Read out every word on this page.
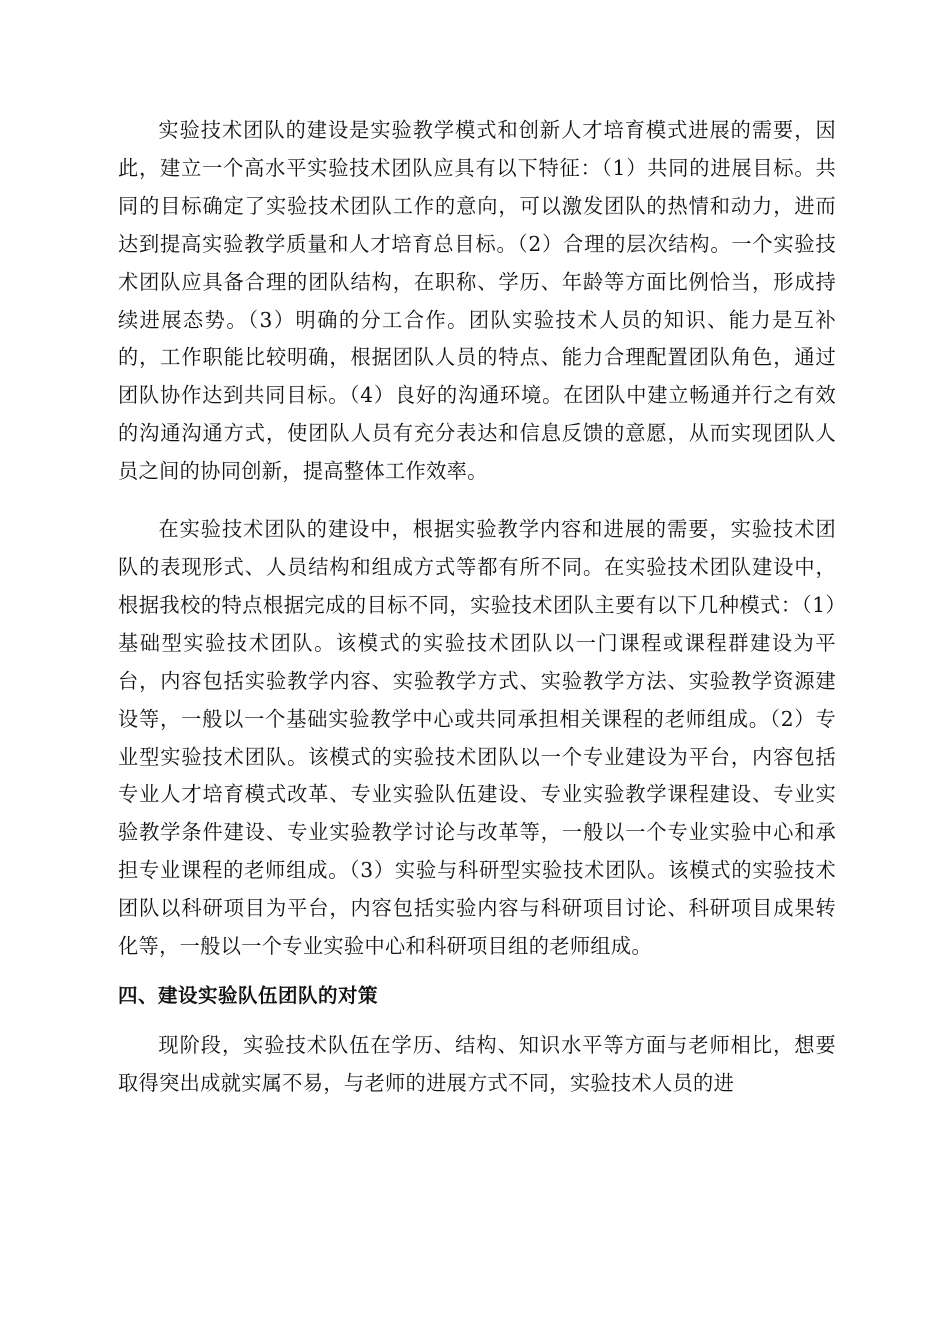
实验技术团队的建设是实验教学模式和创新人才培育模式进展的需要，因此，建立一个高水平实验技术团队应具有以下特征：（1）共同的进展目标。共同的目标确定了实验技术团队工作的意向，可以激发团队的热情和动力，进而达到提高实验教学质量和人才培育总目标。（2）合理的层次结构。一个实验技术团队应具备合理的团队结构，在职称、学历、年龄等方面比例恰当，形成持续进展态势。（3）明确的分工合作。团队实验技术人员的知识、能力是互补的，工作职能比较明确，根据团队人员的特点、能力合理配置团队角色，通过团队协作达到共同目标。（4）良好的沟通环境。在团队中建立畅通并行之有效的沟通沟通方式，使团队人员有充分表达和信息反馈的意愿，从而实现团队人员之间的协同创新，提高整体工作效率。

在实验技术团队的建设中，根据实验教学内容和进展的需要，实验技术团队的表现形式、人员结构和组成方式等都有所不同。在实验技术团队建设中，根据我校的特点根据完成的目标不同，实验技术团队主要有以下几种模式：（1）基础型实验技术团队。该模式的实验技术团队以一门课程或课程群建设为平台，内容包括实验教学内容、实验教学方式、实验教学方法、实验教学资源建设等，一般以一个基础实验教学中心或共同承担相关课程的老师组成。（2）专业型实验技术团队。该模式的实验技术团队以一个专业建设为平台，内容包括专业人才培育模式改革、专业实验队伍建设、专业实验教学课程建设、专业实验教学条件建设、专业实验教学讨论与改革等，一般以一个专业实验中心和承担专业课程的老师组成。（3）实验与科研型实验技术团队。该模式的实验技术团队以科研项目为平台，内容包括实验内容与科研项目讨论、科研项目成果转化等，一般以一个专业实验中心和科研项目组的老师组成。

四、建设实验队伍团队的对策

现阶段，实验技术队伍在学历、结构、知识水平等方面与老师相比，想要取得突出成就实属不易，与老师的进展方式不同，实验技术人员的进
